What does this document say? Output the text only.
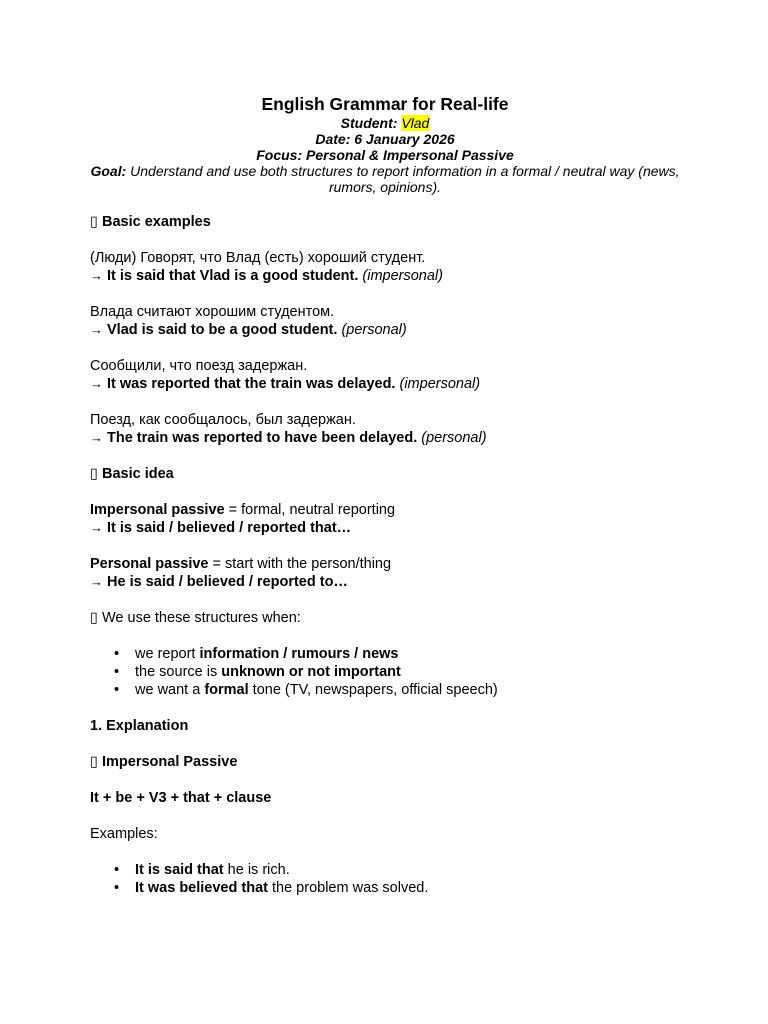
English Grammar for Real-life

Student: Vlad

Date: 6 January 2026

Focus: Personal & Impersonal Passive

Goal: Understand and use both structures to report information in a formal / neutral way (news, rumors, opinions).

▯ Basic examples

(Люди) Говорят, что Влад (есть) хороший студент.

→ It is said that Vlad is a good student. (impersonal)

Влада считают хорошим студентом.

→ Vlad is said to be a good student. (personal)

Сообщили, что поезд задержан.

→ It was reported that the train was delayed. (impersonal)

Поезд, как сообщалось, был задержан.

→ The train was reported to have been delayed. (personal)

▯ Basic idea

Impersonal passive = formal, neutral reporting

→ It is said / believed / reported that…

Personal passive = start with the person/thing

→ He is said / believed / reported to…

▯ We use these structures when:

• we report information / rumours / news
• the source is unknown or not important
• we want a formal tone (TV, newspapers, official speech)

1. Explanation

▯ Impersonal Passive

It + be + V3 + that + clause

Examples:

• It is said that he is rich.
• It was believed that the problem was solved.
